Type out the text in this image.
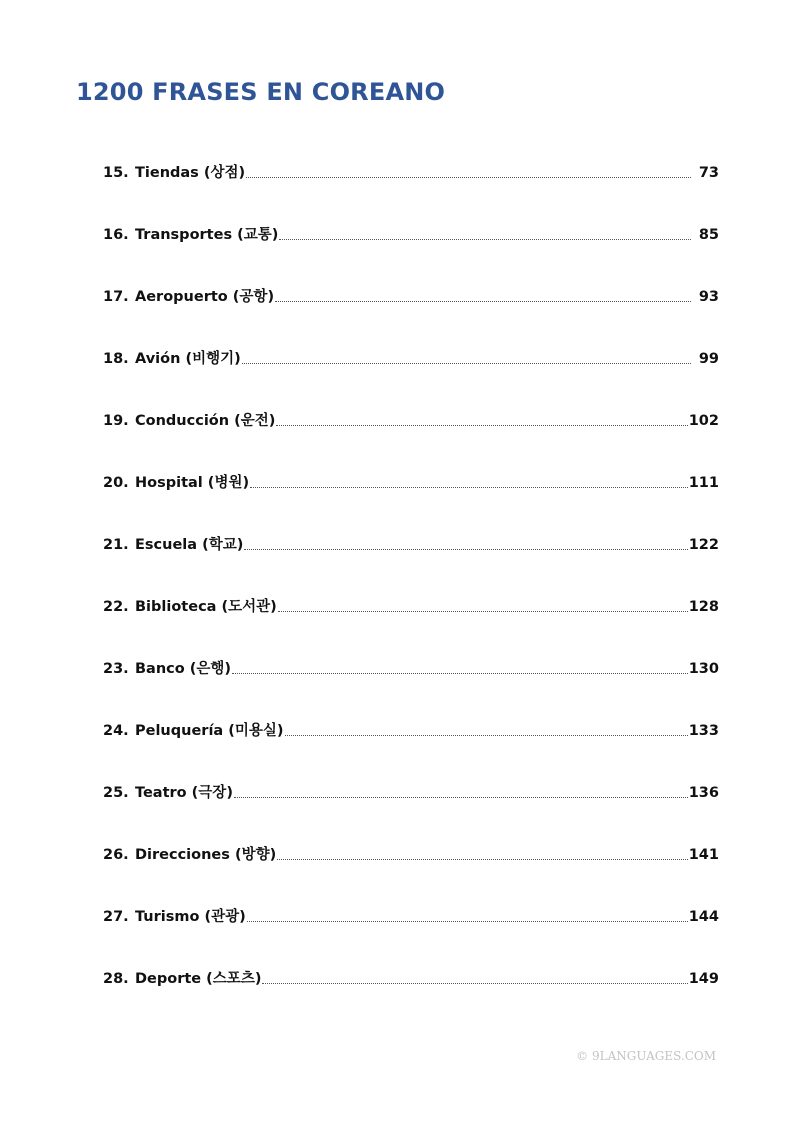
1200 FRASES EN COREANO
15. Tiendas (상점)	73
16. Transportes (교통)	85
17. Aeropuerto (공항)	93
18. Avión (비행기)	99
19. Conducción (운전)	102
20. Hospital (병원)	111
21. Escuela (학교)	122
22. Biblioteca (도서관)	128
23. Banco (은행)	130
24. Peluquería (미용실)	133
25. Teatro (극장)	136
26. Direcciones (방향)	141
27. Turismo (관광)	144
28. Deporte (스포츠)	149
© 9LANGUAGES.COM
